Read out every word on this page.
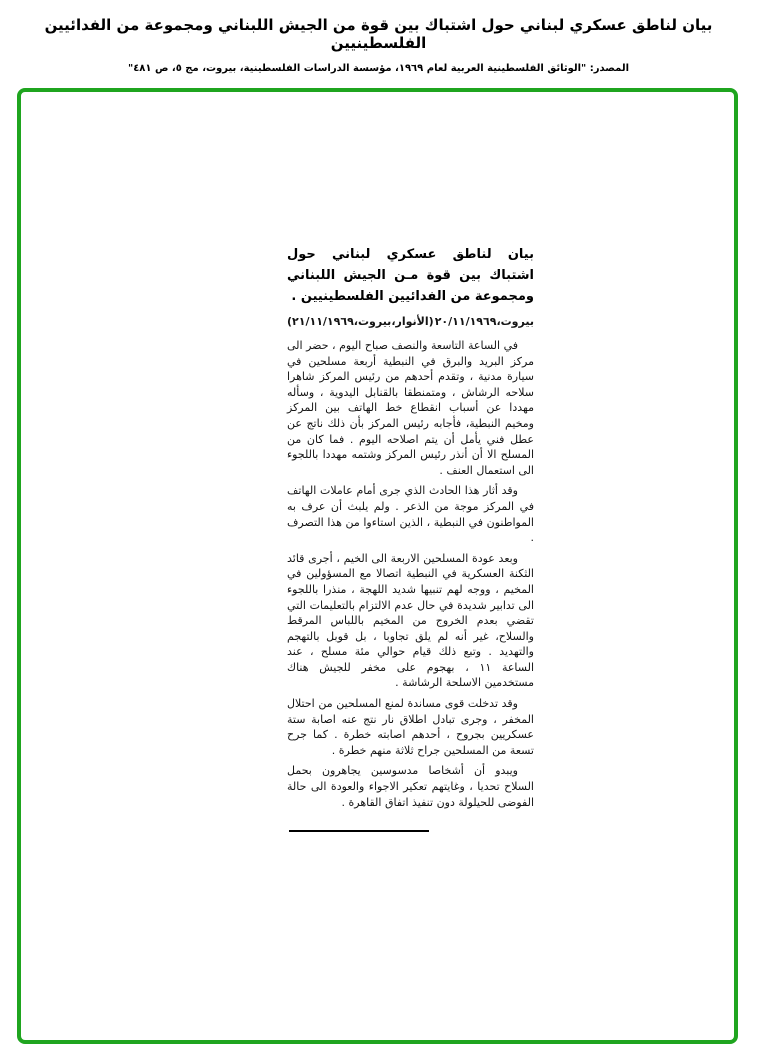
بيان لناطق عسكري لبناني حول اشتباك بين قوة من الجيش اللبناني ومجموعة من الفدائيين الفلسطينيين
المصدر: "الوثائق الفلسطينية العربية لعام ١٩٦٩، مؤسسة الدراسات الفلسطينية، بيروت، مج ٥، ص ٤٨١"

بيان لناطق عسكري لبناني حول اشتباك بين قوة مـن الجيش اللبناني ومجموعة من الفدائيين الفلسطينيين .

بيروت،٢٠/١١/١٩٦٩
(الأنوار،بيروت،٢١/١١/١٩٦٩)

في الساعة التاسعة والنصف صباح اليوم ، حضر الى مركز البريد والبرق في النبطية أربعة مسلحين في سيارة مدنية ، وتقدم أحدهم من رئيس المركز شاهرا سلاحه الرشاش ، ومتمنطقا بالقنابل اليدوية ، وسأله مهددا عن أسباب انقطاع خط الهاتف بين المركز ومخيم النبطية، فأجابه رئيس المركز بأن ذلك ناتج عن عطل فني يأمل أن يتم اصلاحه اليوم . فما كان من المسلح الا أن أنذر رئيس المركز وشتمه مهددا باللجوء الى استعمال العنف .

وقد أثار هذا الحادث الذي جرى أمام عاملات الهاتف في المركز موجة من الذعر . ولم يلبث أن عرف به المواطنون في النبطية ، الذين استاءوا من هذا التصرف .

وبعد عودة المسلحين الاربعة الى الخيم ، أجرى قائد الثكنة العسكرية في النبطية اتصالا مع المسؤولين في المخيم ، ووجه لهم تنبيها شديد اللهجة ، منذرا باللجوء الى تدابير شديدة في حال عدم الالتزام بالتعليمات التي تقضي بعدم الخروج من المخيم باللباس المرقط والسلاح، غير أنه لم يلق تجاوبا ، بل قوبل بالتهجم والتهديد . وتبع ذلك قيام حوالي مئة مسلح ، عند الساعة ١١ ، بهجوم على مخفر للجيش هناك مستخدمين الاسلحة الرشاشة .

وقد تدخلت قوى مساندة لمنع المسلحين من احتلال المخفر ، وجرى تبادل اطلاق نار نتج عنه اصابة ستة عسكريين بجروح ، أحدهم اصابته خطرة . كما جرح تسعة من المسلحين جراح ثلاثة منهم خطرة .

ويبدو أن أشخاصا مدسوسين يجاهرون بحمل السلاح تحديا ، وغايتهم تعكير الاجواء والعودة الى حالة الفوضى للحيلولة دون تنفيذ اتفاق القاهرة .
